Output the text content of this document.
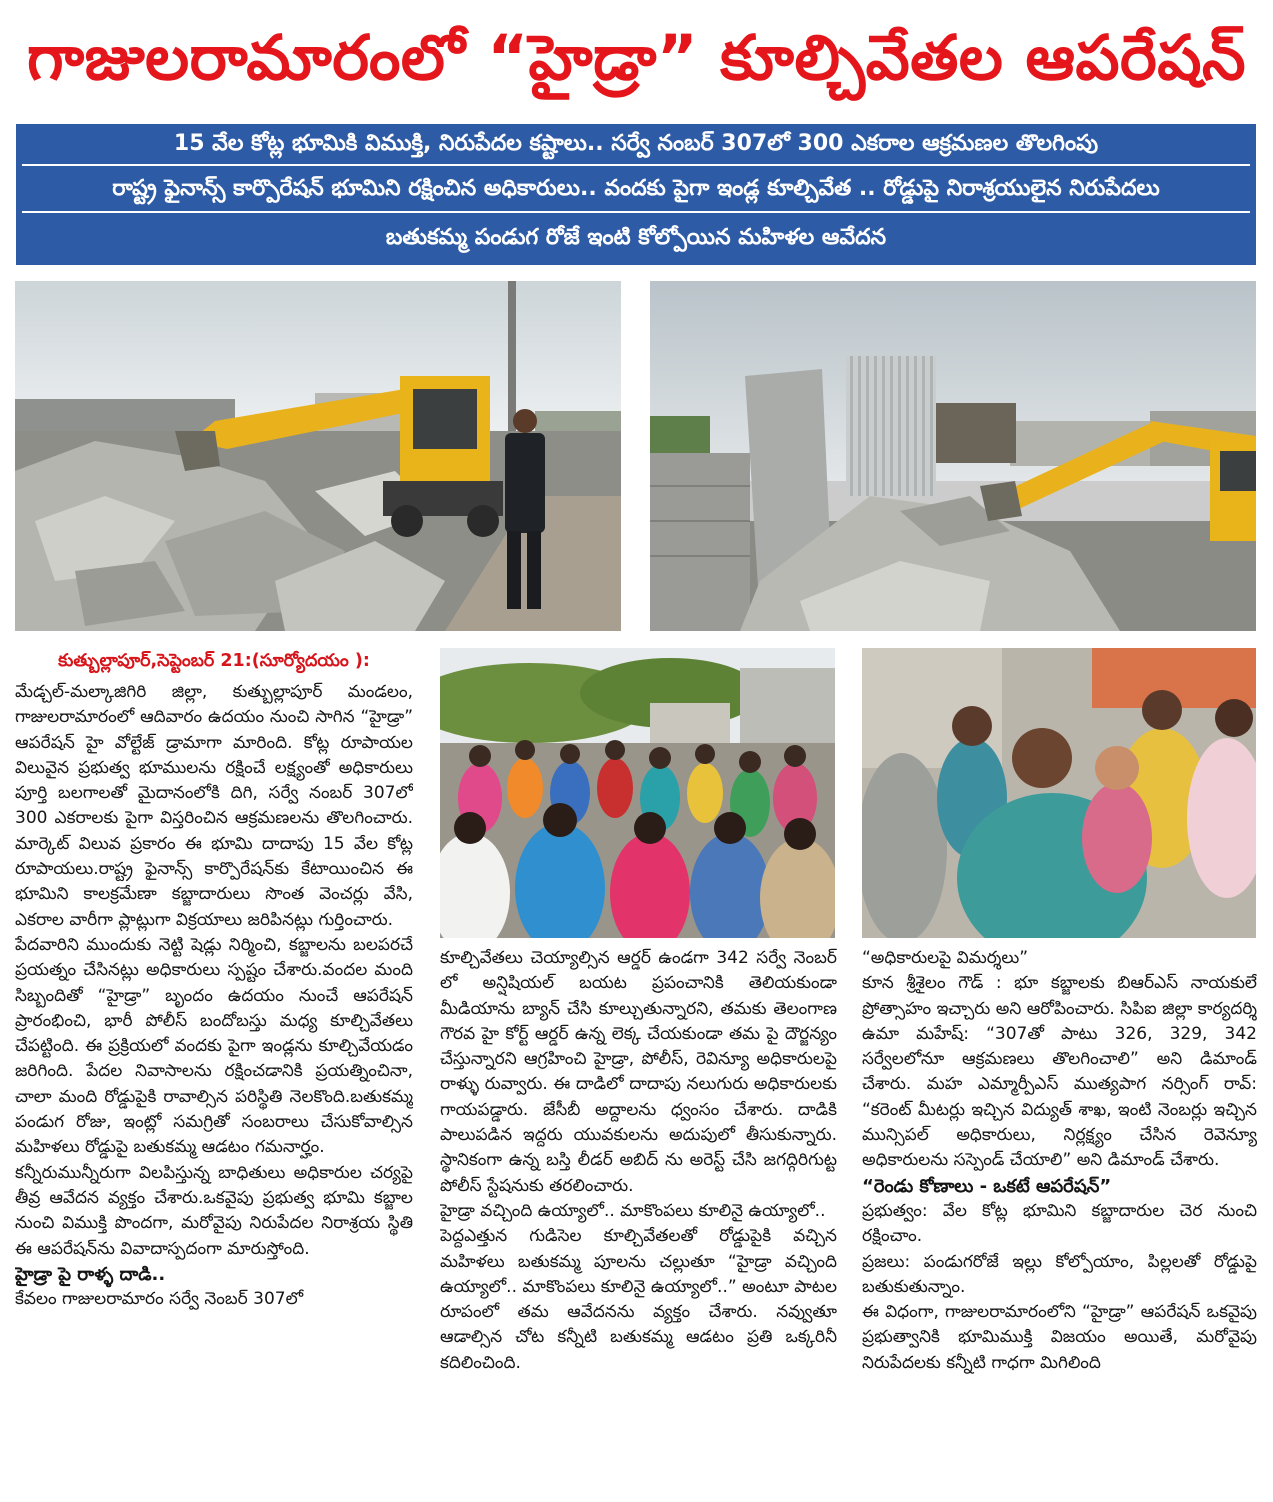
గాజులరామారంలో “హైడ్రా” కూల్చివేతల ఆపరేషన్
15 వేల కోట్ల భూమికి విముక్తి, నిరుపేదల కష్టాలు.. సర్వే నంబర్ 307లో 300 ఎకరాల ఆక్రమణల తొలగింపు
రాష్ట్ర ఫైనాన్స్ కార్పొరేషన్ భూమిని రక్షించిన అధికారులు.. వందకు పైగా ఇండ్ల కూల్చివేత .. రోడ్డుపై నిరాశ్రయులైన నిరుపేదలు
బతుకమ్మ పండుగ రోజే ఇంటి కోల్పోయిన మహిళల ఆవేదన

కుత్బుల్లాపూర్,సెప్టెంబర్ 21:(సూర్యోదయం ):

మేడ్చల్-మల్కాజిగిరి జిల్లా, కుత్బుల్లాపూర్ మండలం, గాజులరామారంలో ఆదివారం ఉదయం నుంచి సాగిన “హైడ్రా” ఆపరేషన్ హై వోల్టేజ్ డ్రామాగా మారింది. కోట్ల రూపాయల విలువైన ప్రభుత్వ భూములను రక్షించే లక్ష్యంతో అధికారులు పూర్తి బలగాలతో మైదానంలోకి దిగి, సర్వే నంబర్ 307లో 300 ఎకరాలకు పైగా విస్తరించిన ఆక్రమణలను తొలగించారు. మార్కెట్ విలువ ప్రకారం ఈ భూమి దాదాపు 15 వేల కోట్ల రూపాయలు.రాష్ట్ర ఫైనాన్స్ కార్పొరేషన్‌కు కేటాయించిన ఈ భూమిని కాలక్రమేణా కబ్జాదారులు సొంత వెంచర్లు వేసి, ఎకరాల వారీగా ప్లాట్లుగా విక్రయాలు జరిపినట్లు గుర్తించారు.

పేదవారిని ముందుకు నెట్టి షెడ్లు నిర్మించి, కబ్జాలను బలపరచే ప్రయత్నం చేసినట్లు అధికారులు స్పష్టం చేశారు.వందల మంది సిబ్బందితో “హైడ్రా” బృందం ఉదయం నుంచే ఆపరేషన్ ప్రారంభించి, భారీ పోలీస్ బందోబస్తు మధ్య కూల్చివేతలు చేపట్టింది. ఈ ప్రక్రియలో వందకు పైగా ఇండ్లను కూల్చివేయడం జరిగింది. పేదల నివాసాలను రక్షించడానికి ప్రయత్నించినా, చాలా మంది రోడ్డుపైకి రావాల్సిన పరిస్థితి నెలకొంది.బతుకమ్మ పండుగ రోజు, ఇంట్లో సమగ్రితో సంబరాలు చేసుకోవాల్సిన మహిళలు రోడ్డుపై బతుకమ్మ ఆడటం గమనార్హం.

కన్నీరుమున్నీరుగా విలపిస్తున్న బాధితులు అధికారుల చర్యపై తీవ్ర ఆవేదన వ్యక్తం చేశారు.ఒకవైపు ప్రభుత్వ భూమి కబ్జాల నుంచి విముక్తి పొందగా, మరోవైపు నిరుపేదల నిరాశ్రయ స్థితి ఈ ఆపరేషన్‌ను వివాదాస్పదంగా మారుస్తోంది.

హైడ్రా పై రాళ్ళ దాడి..

కేవలం గాజులరామారం సర్వే నెంబర్ 307లో

కూల్చివేతలు చెయ్యాల్సిన ఆర్డర్ ఉండగా 342 సర్వే నెంబర్ లో అన్షిషియల్ బయట ప్రపంచానికి తెలియకుండా మీడియాను బ్యాన్ చేసి కూల్చుతున్నారని, తమకు తెలంగాణ గౌరవ హై కోర్ట్ ఆర్డర్ ఉన్న లెక్క చేయకుండా తమ పై దౌర్జన్యం చేస్తున్నారని ఆగ్రహించి హైడ్రా, పోలీస్, రెవిన్యూ అధికారులపై రాళ్ళు రువ్వారు. ఈ దాడిలో దాదాపు నలుగురు అధికారులకు గాయపడ్డారు. జేసీబీ అద్దాలను ధ్వంసం చేశారు. దాడికి పాలుపడిన ఇద్దరు యువకులను అదుపులో తీసుకున్నారు. స్థానికంగా ఉన్న బస్తి లీడర్ అబిద్ ను అరెస్ట్ చేసి జగద్గిరిగుట్ట పోలీస్ స్టేషనుకు తరలించారు.

హైడ్రా వచ్చింది ఉయ్యాలో.. మాకొంపలు కూలినై ఉయ్యాలో..

పెద్దఎత్తున గుడిసెల కూల్చివేతలతో రోడ్డుపైకి వచ్చిన మహిళలు బతుకమ్మ పూలను చల్లుతూ “హైడ్రా వచ్చింది ఉయ్యాలో.. మాకొంపలు కూలినై ఉయ్యాలో..” అంటూ పాటల రూపంలో తమ ఆవేదనను వ్యక్తం చేశారు. నవ్వుతూ ఆడాల్సిన చోట కన్నీటి బతుకమ్మ ఆడటం ప్రతి ఒక్కరినీ కదిలించింది.

“అధికారులపై విమర్శలు”

కూన శ్రీశైలం గౌడ్ : భూ కబ్జాలకు బిఆర్ఎస్ నాయకులే ప్రోత్సాహం ఇచ్చారు అని ఆరోపించారు. సిపిఐ జిల్లా కార్యదర్శి ఉమా మహేష్: “307తో పాటు 326, 329, 342 సర్వేలలోనూ ఆక్రమణలు తొలగించాలి” అని డిమాండ్ చేశారు. మహ ఎమ్మార్పీఎస్ ముత్యపాగ నర్సింగ్ రావ్: “కరెంట్ మీటర్లు ఇచ్చిన విద్యుత్ శాఖ, ఇంటి నెంబర్లు ఇచ్చిన మున్సిపల్ అధికారులు, నిర్లక్ష్యం చేసిన రెవెన్యూ అధికారులను సస్పెండ్ చేయాలి” అని డిమాండ్ చేశారు.

“రెండు కోణాలు - ఒకటే ఆపరేషన్”

ప్రభుత్వం: వేల కోట్ల భూమిని కబ్జాదారుల చెర నుంచి రక్షించాం.

ప్రజలు: పండుగరోజే ఇల్లు కోల్పోయాం, పిల్లలతో రోడ్డుపై బతుకుతున్నాం.

ఈ విధంగా, గాజులరామారంలోని “హైడ్రా” ఆపరేషన్ ఒకవైపు ప్రభుత్వానికి భూమిముక్తి విజయం అయితే, మరోవైపు నిరుపేదలకు కన్నీటి గాధగా మిగిలింది
